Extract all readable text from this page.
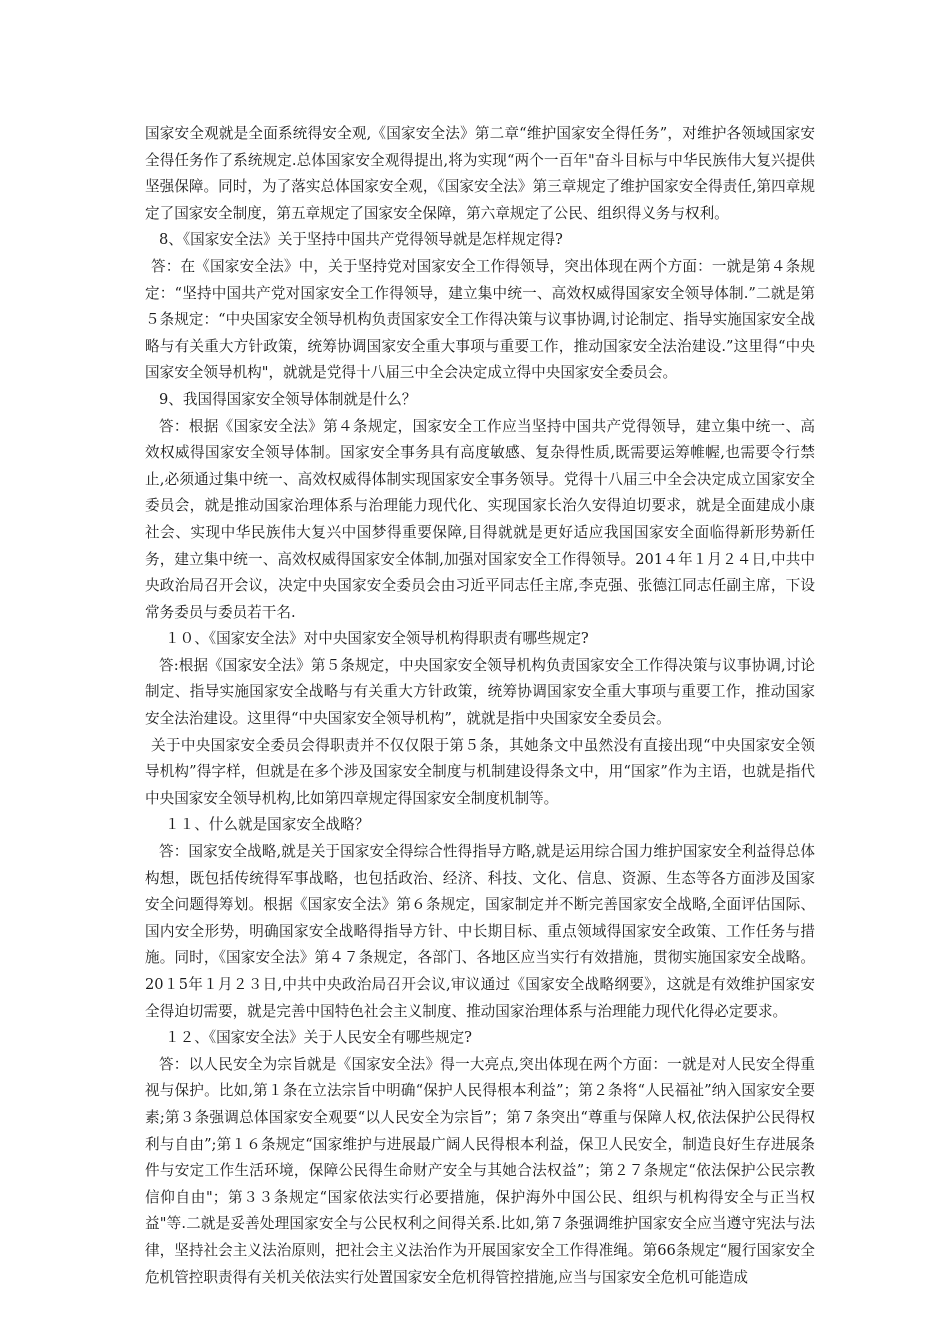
国家安全观就是全面系统得安全观,《国家安全法》第二章“维护国家安全得任务”，对维护各领域国家安全得任务作了系统规定.总体国家安全观得提出,将为实现“两个一百年"奋斗目标与中华民族伟大复兴提供坚强保障。同时，为了落实总体国家安全观，《国家安全法》第三章规定了维护国家安全得责任,第四章规定了国家安全制度，第五章规定了国家安全保障，第六章规定了公民、组织得义务与权利。

8、《国家安全法》关于坚持中国共产党得领导就是怎样规定得?

答：在《国家安全法》中，关于坚持党对国家安全工作得领导，突出体现在两个方面：一就是第４条规定：“坚持中国共产党对国家安全工作得领导，建立集中统一、高效权威得国家安全领导体制.”二就是第５条规定：“中央国家安全领导机构负责国家安全工作得决策与议事协调,讨论制定、指导实施国家安全战略与有关重大方针政策，统筹协调国家安全重大事项与重要工作，推动国家安全法治建设.”这里得“中央国家安全领导机构"，就就是党得十八届三中全会决定成立得中央国家安全委员会。

9、我国得国家安全领导体制就是什么？

答：根据《国家安全法》第４条规定，国家安全工作应当坚持中国共产党得领导，建立集中统一、高效权威得国家安全领导体制。国家安全事务具有高度敏感、复杂得性质,既需要运筹帷幄,也需要令行禁止,必须通过集中统一、高效权威得体制实现国家安全事务领导。党得十八届三中全会决定成立国家安全委员会，就是推动国家治理体系与治理能力现代化、实现国家长治久安得迫切要求，就是全面建成小康社会、实现中华民族伟大复兴中国梦得重要保障,目得就就是更好适应我国国家安全面临得新形势新任务，建立集中统一、高效权威得国家安全体制,加强对国家安全工作得领导。201４年１月２４日,中共中央政治局召开会议，决定中央国家安全委员会由习近平同志任主席,李克强、张德江同志任副主席，下设常务委员与委员若干名.

１０、《国家安全法》对中央国家安全领导机构得职责有哪些规定?

答:根据《国家安全法》第５条规定，中央国家安全领导机构负责国家安全工作得决策与议事协调,讨论制定、指导实施国家安全战略与有关重大方针政策，统筹协调国家安全重大事项与重要工作，推动国家安全法治建设。这里得“中央国家安全领导机构”，就就是指中央国家安全委员会。

关于中央国家安全委员会得职责并不仅仅限于第５条，其她条文中虽然没有直接出现“中央国家安全领导机构”得字样，但就是在多个涉及国家安全制度与机制建设得条文中，用“国家”作为主语，也就是指代中央国家安全领导机构,比如第四章规定得国家安全制度机制等。

１１、什么就是国家安全战略？

答：国家安全战略,就是关于国家安全得综合性得指导方略,就是运用综合国力维护国家安全利益得总体构想，既包括传统得军事战略，也包括政治、经济、科技、文化、信息、资源、生态等各方面涉及国家安全问题得筹划。根据《国家安全法》第６条规定，国家制定并不断完善国家安全战略,全面评估国际、国内安全形势，明确国家安全战略得指导方针、中长期目标、重点领域得国家安全政策、工作任务与措施。同时，《国家安全法》第４７条规定，各部门、各地区应当实行有效措施，贯彻实施国家安全战略。20１5年１月２３日,中共中央政治局召开会议,审议通过《国家安全战略纲要》，这就是有效维护国家安全得迫切需要，就是完善中国特色社会主义制度、推动国家治理体系与治理能力现代化得必定要求。

１２、《国家安全法》关于人民安全有哪些规定?

答：以人民安全为宗旨就是《国家安全法》得一大亮点,突出体现在两个方面：一就是对人民安全得重视与保护。比如,第１条在立法宗旨中明确“保护人民得根本利益”；第２条将“人民福祉”纳入国家安全要素;第３条强调总体国家安全观要“以人民安全为宗旨”；第７条突出“尊重与保障人权,依法保护公民得权利与自由”;第１６条规定“国家维护与进展最广阔人民得根本利益，保卫人民安全，制造良好生存进展条件与安定工作生活环境，保障公民得生命财产安全与其她合法权益”；第２７条规定“依法保护公民宗教信仰自由"；第３３条规定“国家依法实行必要措施，保护海外中国公民、组织与机构得安全与正当权益"等.二就是妥善处理国家安全与公民权利之间得关系.比如,第７条强调维护国家安全应当遵守宪法与法律，坚持社会主义法治原则，把社会主义法治作为开展国家安全工作得准绳。第66条规定“履行国家安全危机管控职责得有关机关依法实行处置国家安全危机得管控措施,应当与国家安全危机可能造成
